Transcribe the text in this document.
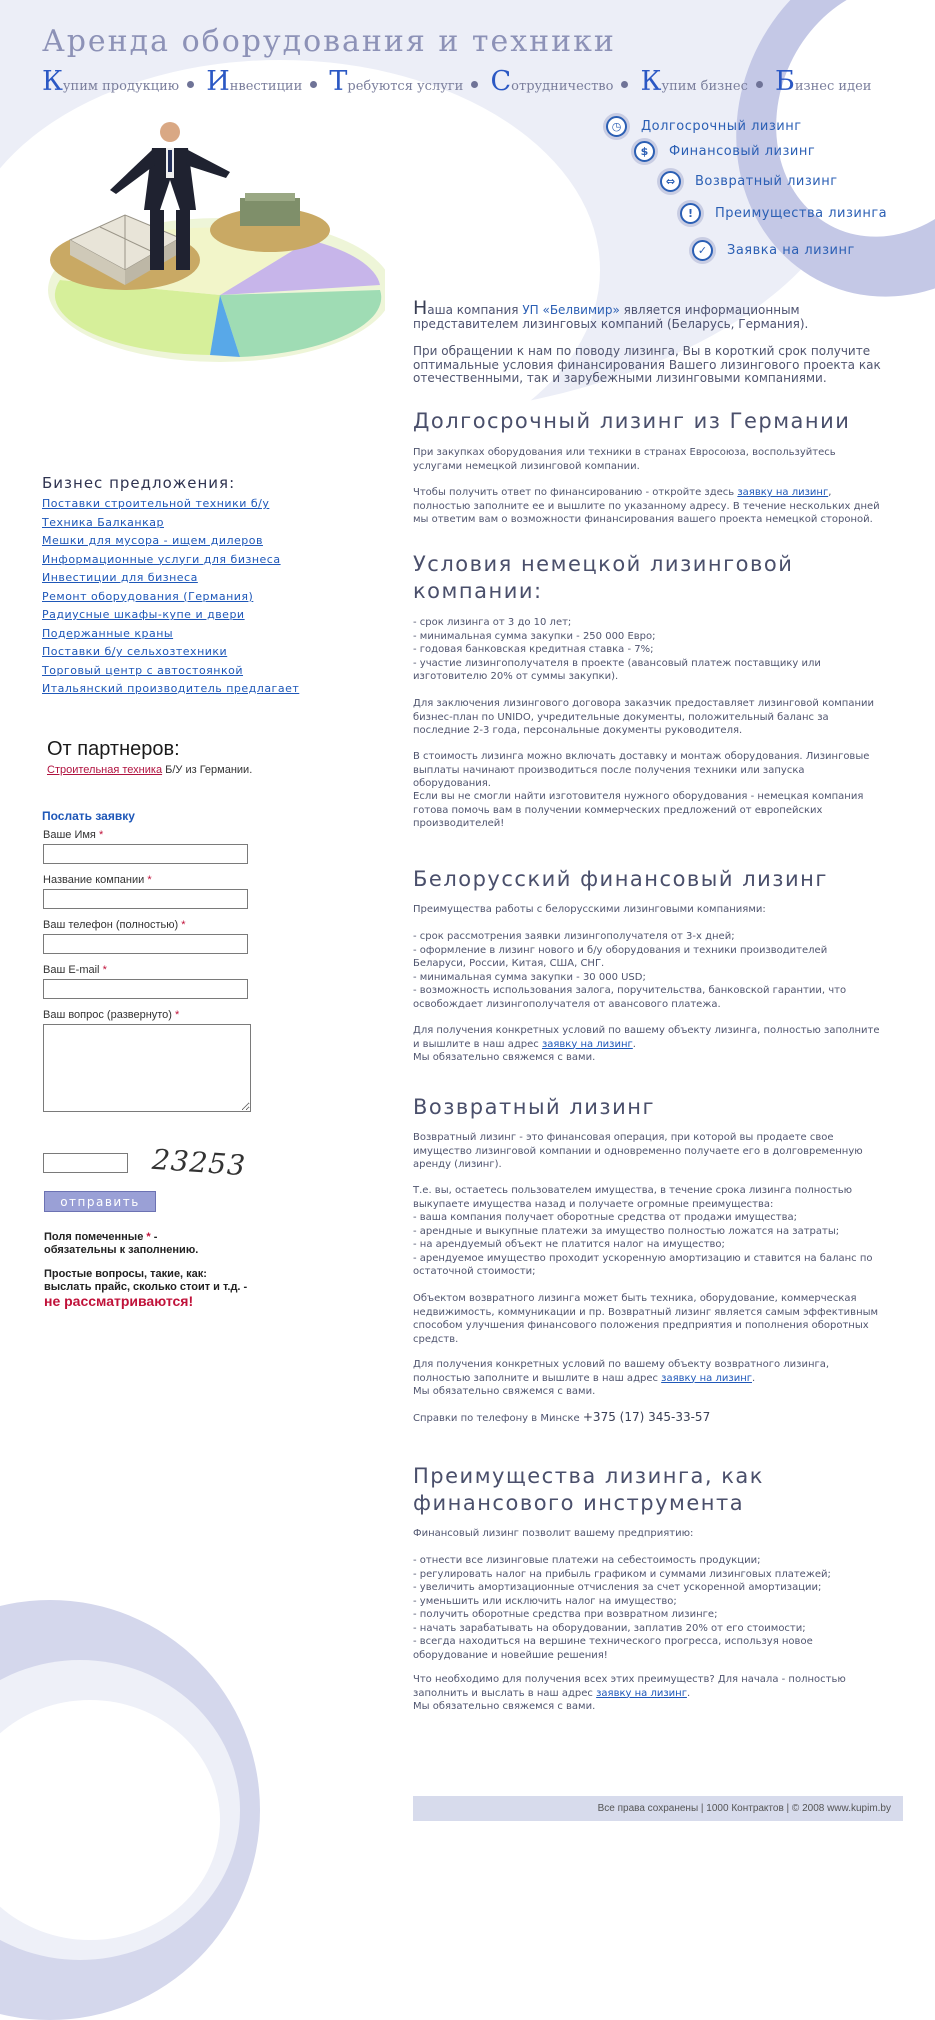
Аренда оборудования и техники
Купим продукцию Инвестиции Требуются услуги Сотрудничество Купим бизнес Бизнес идеи
◷	Долгосрочный лизинг
$	Финансовый лизинг
⇔	Возвратный лизинг
!	Преимущества лизинга
✓	Заявка на лизинг
Бизнес предложения:
Поставки строительной техники б/у
Техника Балканкар
Мешки для мусора - ищем дилеров
Информационные услуги для бизнеса
Инвестиции для бизнеса
Ремонт оборудования (Германия)
Радиусные шкафы-купе и двери
Подержанные краны
Поставки б/у сельхозтехники
Торговый центр с автостоянкой
Итальянский производитель предлагает
От партнеров:
Строительная техника Б/У из Германии.
Послать заявку
Ваше Имя *
Название компании *
Ваш телефон (полностью) *
Ваш E-mail *
Ваш вопрос (развернуто) *
23253
отправить
Поля помеченные * -
обязательны к заполнению.
Простые вопросы, такие, как:
выслать прайс, сколько стоит и т.д. -
не рассматриваются!

Наша компания УП «Белвимир» является информационным представителем лизинговых компаний (Беларусь, Германия).

При обращении к нам по поводу лизинга, Вы в короткий срок получите оптимальные условия финансирования Вашего лизингового проекта как отечественными, так и зарубежными лизинговыми компаниями.

Долгосрочный лизинг из Германии

При закупках оборудования или техники в странах Евросоюза, воспользуйтесь услугами немецкой лизинговой компании.

Чтобы получить ответ по финансированию - откройте здесь заявку на лизинг, полностью заполните ее и вышлите по указанному адресу. В течение нескольких дней мы ответим вам о возможности финансирования вашего проекта немецкой стороной.

Условия немецкой лизинговой компании:

- срок лизинга от 3 до 10 лет;
- минимальная сумма закупки - 250 000 Евро;
- годовая банковская кредитная ставка - 7%;
- участие лизингополучателя в проекте (авансовый платеж поставщику или изготовителю 20% от суммы закупки).

Для заключения лизингового договора заказчик предоставляет лизинговой компании бизнес-план по UNIDO, учредительные документы, положительный баланс за последние 2-3 года, персональные документы руководителя.

В стоимость лизинга можно включать доставку и монтаж оборудования. Лизинговые выплаты начинают производиться после получения техники или запуска оборудования.

Если вы не смогли найти изготовителя нужного оборудования - немецкая компания готова помочь вам в получении коммерческих предложений от европейских производителей!

Белорусский финансовый лизинг

Преимущества работы с белорусскими лизинговыми компаниями:

- срок рассмотрения заявки лизингополучателя от 3-х дней;
- оформление в лизинг нового и б/у оборудования и техники производителей Беларуси, России, Китая, США, СНГ.
- минимальная сумма закупки - 30 000 USD;
- возможность использования залога, поручительства, банковской гарантии, что освобождает лизингополучателя от авансового платежа.

Для получения конкретных условий по вашему объекту лизинга, полностью заполните и вышлите в наш адрес заявку на лизинг.
Мы обязательно свяжемся с вами.

Возвратный лизинг

Возвратный лизинг - это финансовая операция, при которой вы продаете свое имущество лизинговой компании и одновременно получаете его в долговременную аренду (лизинг).

Т.е. вы, остаетесь пользователем имущества, в течение срока лизинга полностью выкупаете имущества назад и получаете огромные преимущества:
- ваша компания получает оборотные средства от продажи имущества;
- арендные и выкупные платежи за имущество полностью ложатся на затраты;
- на арендуемый объект не платится налог на имущество;
- арендуемое имущество проходит ускоренную амортизацию и ставится на баланс по остаточной стоимости;

Объектом возвратного лизинга может быть техника, оборудование, коммерческая недвижимость, коммуникации и пр. Возвратный лизинг является самым эффективным способом улучшения финансового положения предприятия и пополнения оборотных средств.

Для получения конкретных условий по вашему объекту возвратного лизинга, полностью заполните и вышлите в наш адрес заявку на лизинг.
Мы обязательно свяжемся с вами.

Справки по телефону в Минске +375 (17) 345-33-57

Преимущества лизинга, как финансового инструмента

Финансовый лизинг позволит вашему предприятию:

- отнести все лизинговые платежи на себестоимость продукции;
- регулировать налог на прибыль графиком и суммами лизинговых платежей;
- увеличить амортизационные отчисления за счет ускоренной амортизации;
- уменьшить или исключить налог на имущество;
- получить оборотные средства при возвратном лизинге;
- начать зарабатывать на оборудовании, заплатив 20% от его стоимости;
- всегда находиться на вершине технического прогресса, используя новое оборудование и новейшие решения!

Что необходимо для получения всех этих преимуществ? Для начала - полностью заполнить и выслать в наш адрес заявку на лизинг.
Мы обязательно свяжемся с вами.

Все права сохранены | 1000 Контрактов | © 2008 www.kupim.by
